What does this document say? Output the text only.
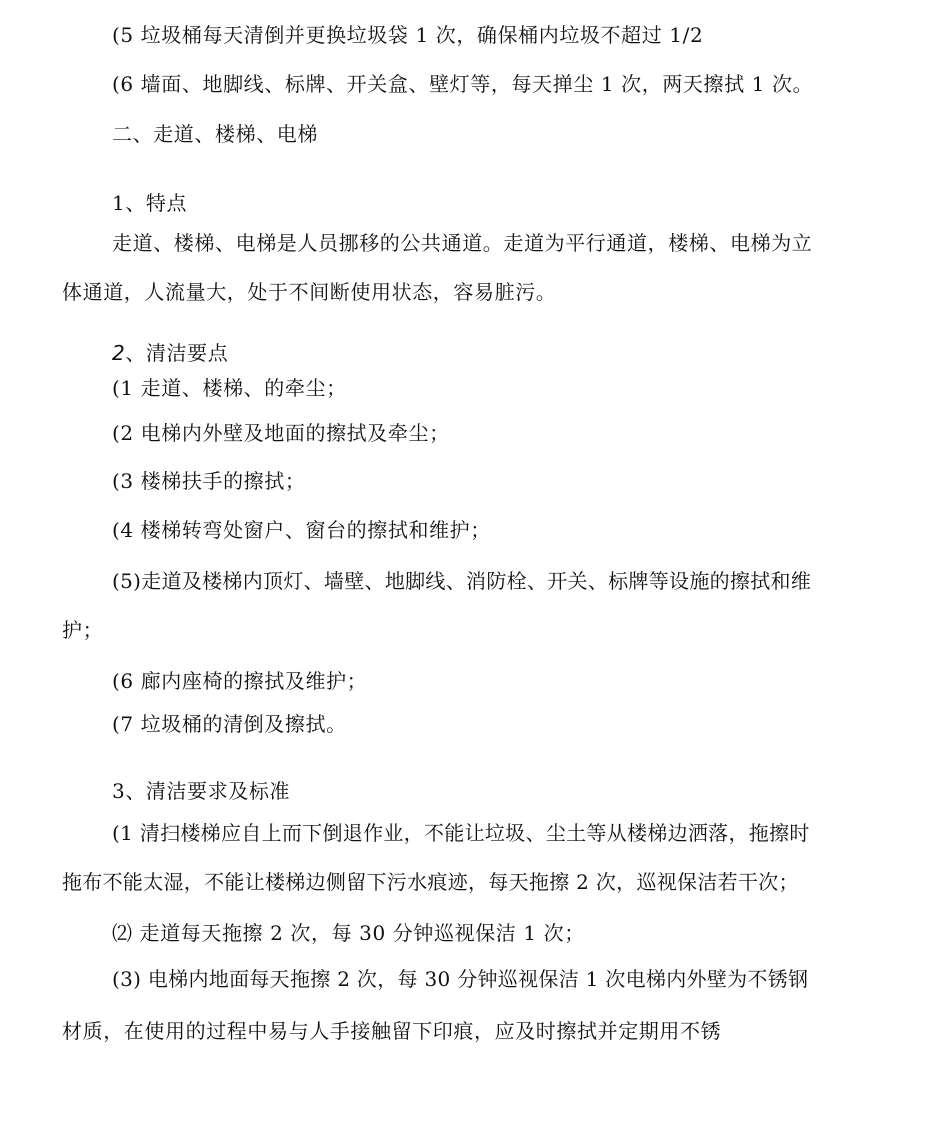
(5 垃圾桶每天清倒并更换垃圾袋 1 次，确保桶内垃圾不超过 1/2
(6 墙面、地脚线、标牌、开关盒、壁灯等，每天掸尘 1 次，两天擦拭 1 次。
二、走道、楼梯、电梯
1、特点
走道、楼梯、电梯是人员挪移的公共通道。走道为平行通道，楼梯、电梯为立
体通道，人流量大，处于不间断使用状态，容易脏污。
2、清洁要点
(1 走道、楼梯、的牵尘；
(2 电梯内外壁及地面的擦拭及牵尘；
(3 楼梯扶手的擦拭；
(4 楼梯转弯处窗户、窗台的擦拭和维护；
(5)走道及楼梯内顶灯、墙壁、地脚线、消防栓、开关、标牌等设施的擦拭和维
护；
(6 廊内座椅的擦拭及维护；
(7 垃圾桶的清倒及擦拭。
3、清洁要求及标准
(1 清扫楼梯应自上而下倒退作业，不能让垃圾、尘土等从楼梯边洒落，拖擦时
拖布不能太湿，不能让楼梯边侧留下污水痕迹，每天拖擦 2 次，巡视保洁若干次；
⑵ 走道每天拖擦 2 次，每 30 分钟巡视保洁 1 次；
(3) 电梯内地面每天拖擦 2 次，每 30 分钟巡视保洁 1 次电梯内外壁为不锈钢
材质，在使用的过程中易与人手接触留下印痕，应及时擦拭并定期用不锈
